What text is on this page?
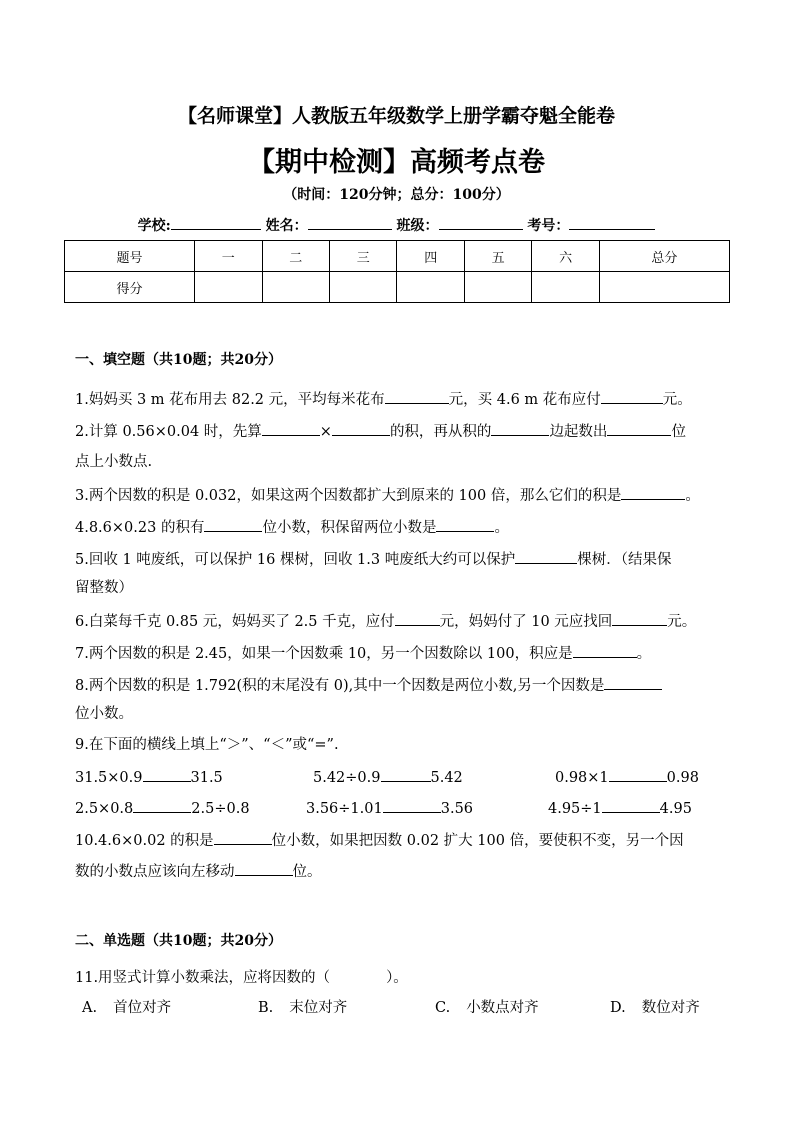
【名师课堂】人教版五年级数学上册学霸夺魁全能卷
【期中检测】高频考点卷
（时间：120分钟；总分：100分）
学校:	姓名：	班级：	考号：
题号	一	二	三	四	五	六	总分
得分							
一、填空题（共10题；共20分）
1.妈妈买 3 m 花布用去 82.2 元，平均每米花布	元，买 4.6 m 花布应付	元。
2.计算 0.56×0.04 时，先算	×	的积，再从积的	边起数出	位
点上小数点.
3.两个因数的积是 0.032，如果这两个因数都扩大到原来的 100 倍，那么它们的积是	。
4.8.6×0.23 的积有	位小数，积保留两位小数是	。
5.回收 1 吨废纸，可以保护 16 棵树，回收 1.3 吨废纸大约可以保护	棵树．（结果保
留整数）
6.白菜每千克 0.85 元，妈妈买了 2.5 千克，应付	元，妈妈付了 10 元应找回	元。
7.两个因数的积是 2.45，如果一个因数乘 10，另一个因数除以 100，积应是	。
8.两个因数的积是 1.792(积的末尾没有 0),其中一个因数是两位小数,另一个因数是
位小数。
9.在下面的横线上填上“＞”、“＜”或“=”.
31.5×0.9	31.5	5.42÷0.9	5.42	0.98×1	0.98
2.5×0.8	2.5÷0.8	3.56÷1.01	3.56	4.95÷1	4.95
10.4.6×0.02 的积是	位小数，如果把因数 0.02 扩大 100 倍，要使积不变，另一个因
数的小数点应该向左移动	位。
二、单选题（共10题；共20分）
11.用竖式计算小数乘法，应将因数的（	）。
A. 首位对齐	B. 末位对齐	C. 小数点对齐	D. 数位对齐
